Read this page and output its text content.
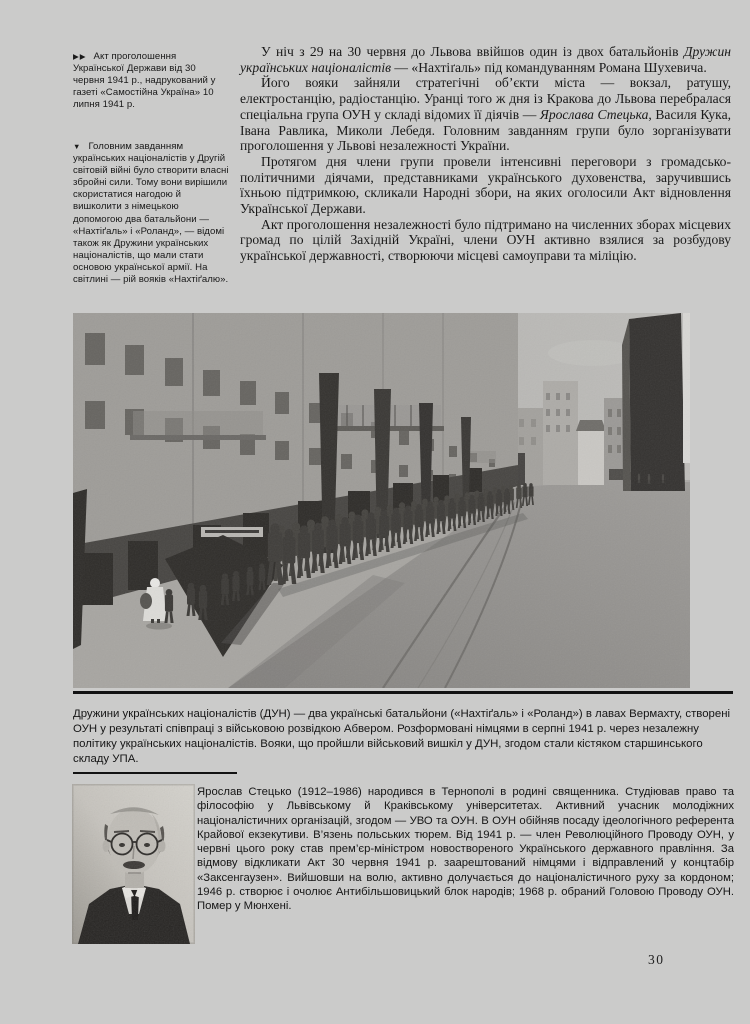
▶▶ Акт проголошення Української Держави від 30 червня 1941 р., надрукований у газеті «Самостійна Україна» 10 липня 1941 р.
▼ Головним завданням українських націоналістів у Другій світовій війні було створити власні збройні сили. Тому вони вирішили скористатися нагодою й вишколити з німецькою допомогою два батальйони — «Нахтіґаль» і «Роланд», — відомі також як Дружини українських націоналістів, що мали стати основою української армії. На світлині — рій вояків «Нахтіґалю».

У ніч з 29 на 30 червня до Львова ввійшов один із двох батальйонів Дружин українських націоналістів — «Нахтіґаль» під командуванням Романа Шухевича.

Його вояки зайняли стратегічні об’єкти міста — вокзал, ратушу, електростанцію, радіостанцію. Уранці того ж дня із Кракова до Львова перебралася спеціальна група ОУН у складі відомих її діячів — Ярослава Стецька, Василя Кука, Івана Равлика, Миколи Лебедя. Головним завданням групи було зорганізувати проголошення у Львові незалежності України.

Протягом дня члени групи провели інтенсивні переговори з громадсько-політичними діячами, представниками українського духовенства, заручившись їхньою підтримкою, скликали Народні збори, на яких оголосили Акт відновлення Української Держави.

Акт проголошення незалежності було підтримано на численних зборах місцевих громад по цілій Західній Україні, члени ОУН активно взялися за розбудову української державності, створюючи місцеві самоуправи та міліцію.

Дружини українських націоналістів (ДУН) — два українські батальйони («Нахтіґаль» і «Роланд») в лавах Вермахту, створені ОУН у результаті співпраці з військовою розвідкою Абвером. Розформовані німцями в серпні 1941 р. через незалежну політику українських націоналістів. Вояки, що пройшли військовий вишкіл у ДУН, згодом стали кістяком старшинського складу УПА.
Ярослав Стецько (1912–1986) народився в Тернополі в родині священника. Студіював право та філософію у Львівському й Краківському університетах. Активний учасник молодіжних націоналістичних організацій, згодом — УВО та ОУН. В ОУН обійняв посаду ідеологічного референта Крайової екзекутиви. В’язень польських тюрем. Від 1941 р. — член Революційного Проводу ОУН, у червні цього року став прем’єр-міністром новоствореного Українського державного правління. За відмову відкликати Акт 30 червня 1941 р. заарештований німцями і відправлений у концтабір «Заксенгаузен». Вийшовши на волю, активно долучається до націоналістичного руху за кордоном; 1946 р. створює і очолює Антибільшовицький блок народів; 1968 р. обраний Головою Проводу ОУН. Помер у Мюнхені.
30
